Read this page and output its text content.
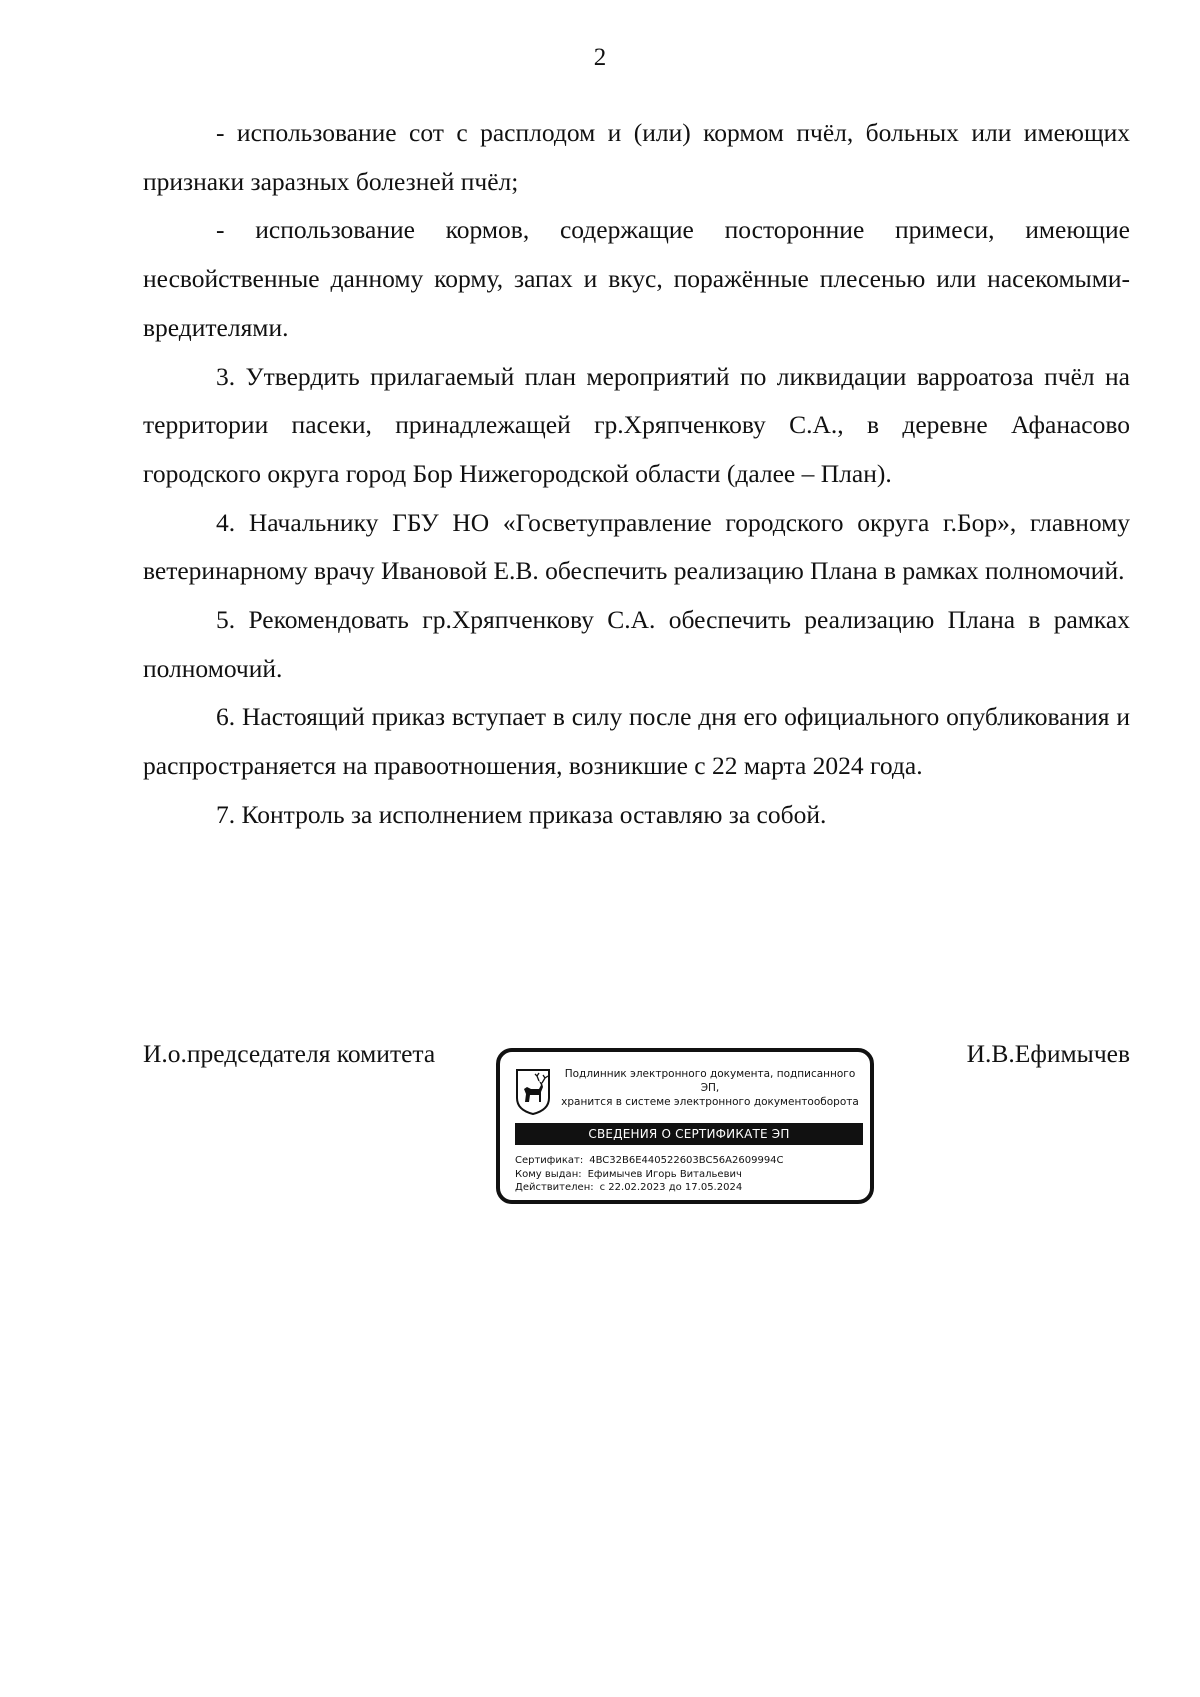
2

- использование сот с расплодом и (или) кормом пчёл, больных или имеющих признаки заразных болезней пчёл;

- использование кормов, содержащие посторонние примеси, имеющие несвойственные данному корму, запах и вкус, поражённые плесенью или насекомыми-вредителями.

3. Утвердить прилагаемый план мероприятий по ликвидации варроатоза пчёл на территории пасеки, принадлежащей гр.Хряпченкову С.А., в деревне Афанасово городского округа город Бор Нижегородской области (далее – План).

4. Начальнику ГБУ НО «Госветуправление городского округа г.Бор», главному ветеринарному врачу Ивановой Е.В. обеспечить реализацию Плана в рамках полномочий.

5. Рекомендовать гр.Хряпченкову С.А. обеспечить реализацию Плана в рамках полномочий.

6. Настоящий приказ вступает в силу после дня его официального опубликования и распространяется на правоотношения, возникшие с 22 марта 2024 года.

7. Контроль за исполнением приказа оставляю за собой.

И.о.председателя комитета	И.В.Ефимычев
Подлинник электронного документа, подписанного ЭП,
хранится в системе электронного документооборота
СВЕДЕНИЯ О СЕРТИФИКАТЕ ЭП
Сертификат: 4BC32B6E440522603BC56A2609994C
Кому выдан: Ефимычев Игорь Витальевич
Действителен: с 22.02.2023 до 17.05.2024
